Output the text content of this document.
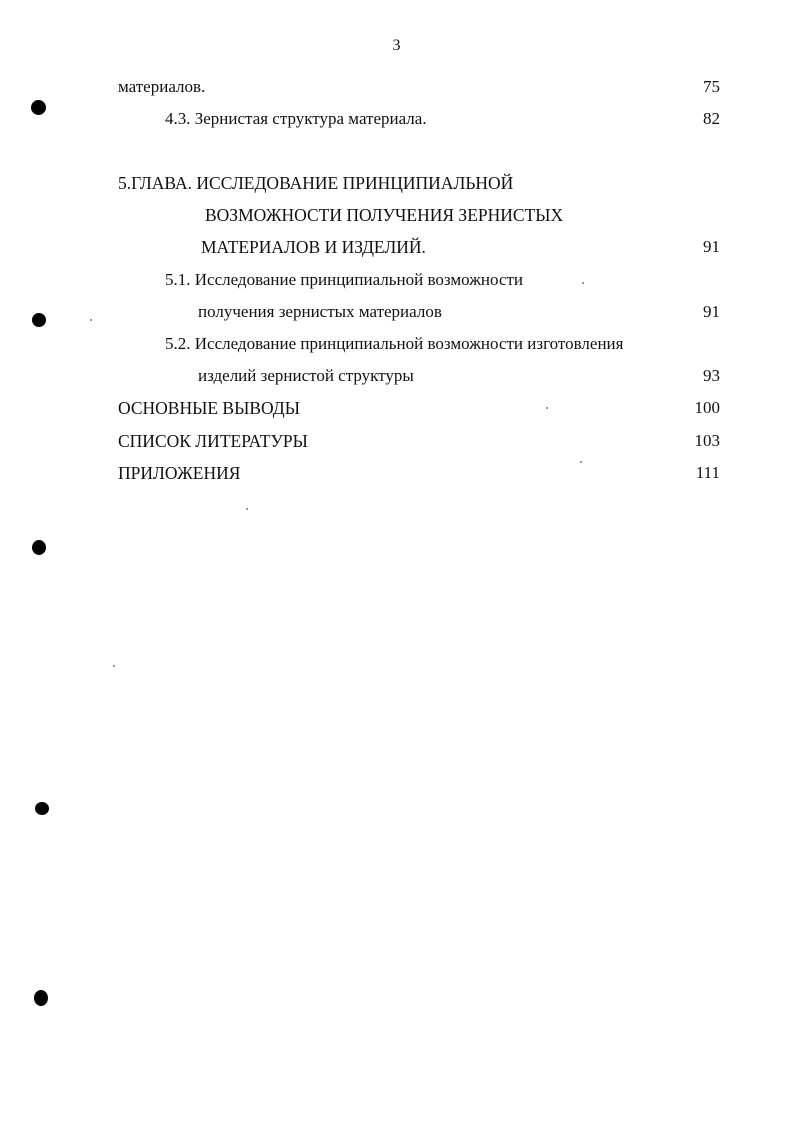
3
материалов.	75
4.3. Зернистая структура материала.	82
5.ГЛАВА. ИССЛЕДОВАНИЕ ПРИНЦИПИАЛЬНОЙ
ВОЗМОЖНОСТИ ПОЛУЧЕНИЯ ЗЕРНИСТЫХ
МАТЕРИАЛОВ И ИЗДЕЛИЙ.	91
5.1. Исследование принципиальной возможности
получения зернистых материалов	91
5.2. Исследование принципиальной возможности изготовления
изделий зернистой структуры	93
ОСНОВНЫЕ ВЫВОДЫ	100
СПИСОК ЛИТЕРАТУРЫ	103
ПРИЛОЖЕНИЯ	111
